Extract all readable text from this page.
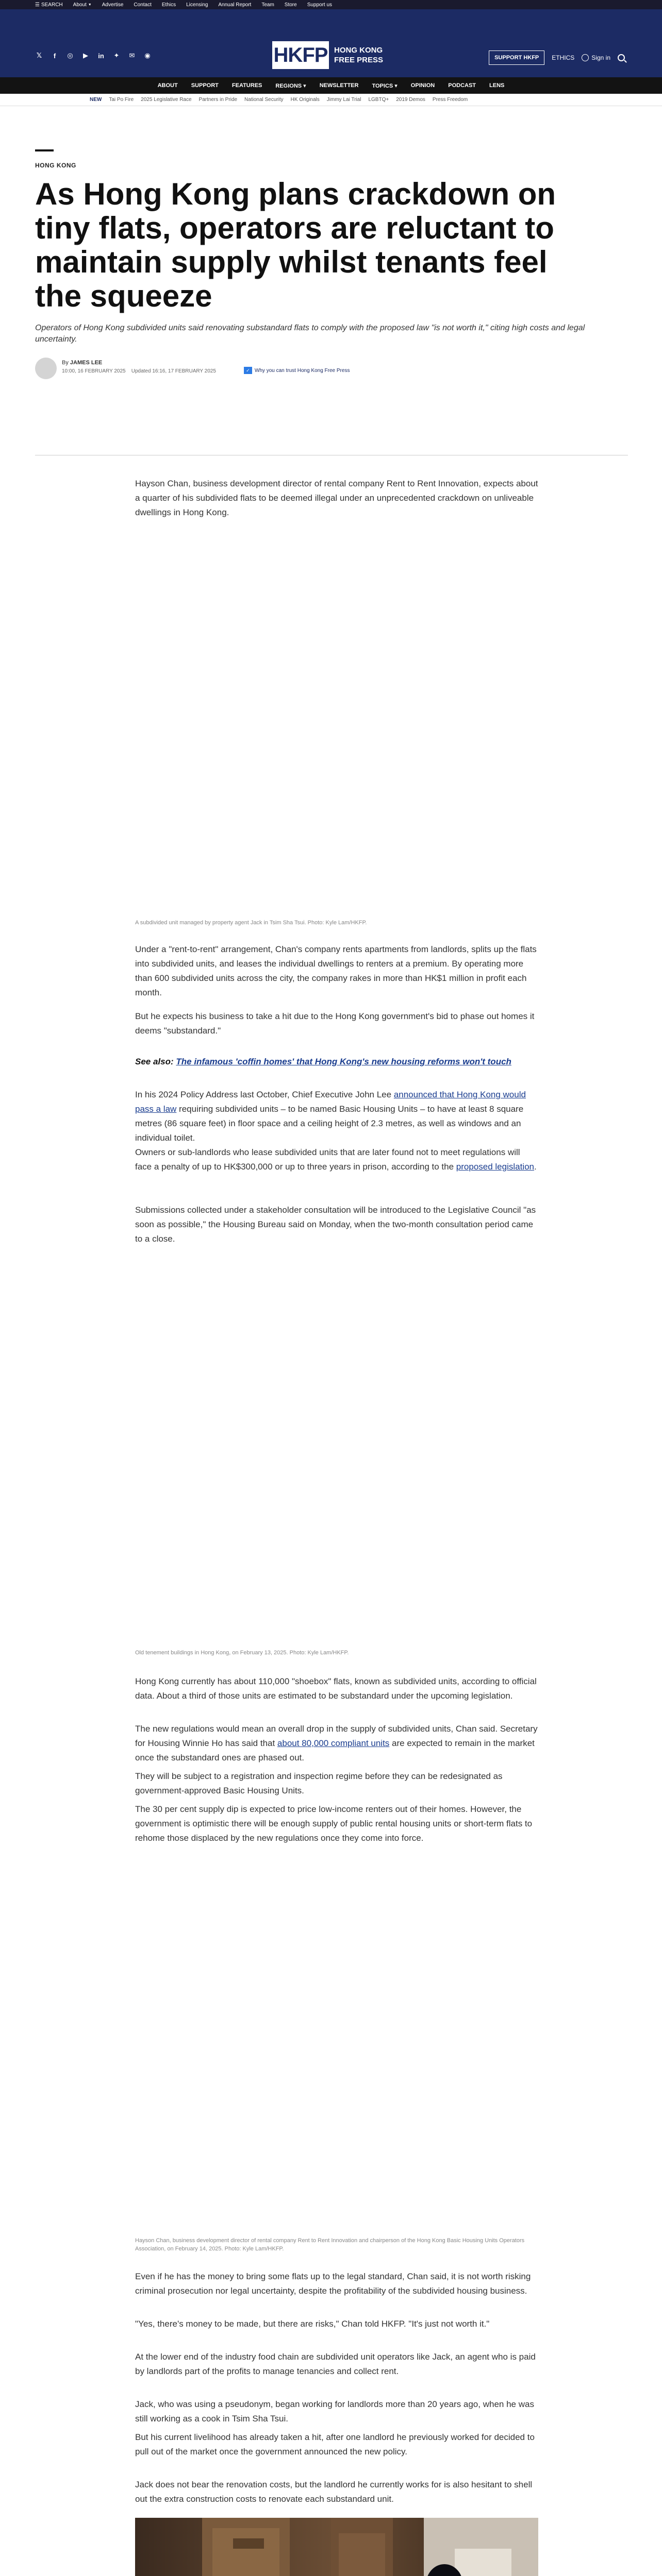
☰ SEARCH About ▼ Advertise Contact Ethics Licensing Annual Report Team Store Support us
𝕏	f	◎ ▶ in ✦ ✉ ◉	HKFP HONG KONG
FREE PRESS	SUPPORT HKFP	ETHICS	Sign in
ABOUT SUPPORT FEATURES REGIONS ▾ NEWSLETTER TOPICS ▾ OPINION PODCAST LENS
NEW Tai Po Fire 2025 Legislative Race Partners in Pride National Security HK Originals Jimmy Lai Trial LGBTQ+ 2019 Demos Press Freedom
HONG KONG
As Hong Kong plans crackdown on tiny flats, operators are reluctant to maintain supply whilst tenants feel the squeeze

Operators of Hong Kong subdivided units said renovating substandard flats to comply with the proposed law "is not worth it," citing high costs and legal uncertainty.

By JAMES LEE
10:00, 16 FEBRUARY 2025 Updated 16:16, 17 FEBRUARY 2025	✓ Why you can trust Hong Kong Free Press

Hayson Chan, business development director of rental company Rent to Rent Innovation, expects about a quarter of his subdivided flats to be deemed illegal under an unprecedented crackdown on unliveable dwellings in Hong Kong.

A subdivided unit managed by property agent Jack in Tsim Sha Tsui. Photo: Kyle Lam/HKFP.

Under a "rent-to-rent" arrangement, Chan's company rents apartments from landlords, splits up the flats into subdivided units, and leases the individual dwellings to renters at a premium. By operating more than 600 subdivided units across the city, the company rakes in more than HK$1 million in profit each month.

But he expects his business to take a hit due to the Hong Kong government's bid to phase out homes it deems "substandard."

See also: The infamous 'coffin homes' that Hong Kong's new housing reforms won't touch

In his 2024 Policy Address last October, Chief Executive John Lee announced that Hong Kong would pass a law requiring subdivided units – to be named Basic Housing Units – to have at least 8 square metres (86 square feet) in floor space and a ceiling height of 2.3 metres, as well as windows and an individual toilet.

Owners or sub-landlords who lease subdivided units that are later found not to meet regulations will face a penalty of up to HK$300,000 or up to three years in prison, according to the proposed legislation.

Submissions collected under a stakeholder consultation will be introduced to the Legislative Council "as soon as possible," the Housing Bureau said on Monday, when the two-month consultation period came to a close.

Old tenement buildings in Hong Kong, on February 13, 2025. Photo: Kyle Lam/HKFP.

Hong Kong currently has about 110,000 "shoebox" flats, known as subdivided units, according to official data. About a third of those units are estimated to be substandard under the upcoming legislation.

The new regulations would mean an overall drop in the supply of subdivided units, Chan said. Secretary for Housing Winnie Ho has said that about 80,000 compliant units are expected to remain in the market once the substandard ones are phased out.

They will be subject to a registration and inspection regime before they can be redesignated as government-approved Basic Housing Units.

The 30 per cent supply dip is expected to price low-income renters out of their homes. However, the government is optimistic there will be enough supply of public rental housing units or short-term flats to rehome those displaced by the new regulations once they come into force.

Hayson Chan, business development director of rental company Rent to Rent Innovation and chairperson of the Hong Kong Basic Housing Units Operators Association, on February 14, 2025. Photo: Kyle Lam/HKFP.

Even if he has the money to bring some flats up to the legal standard, Chan said, it is not worth risking criminal prosecution nor legal uncertainty, despite the profitability of the subdivided housing business.

"Yes, there's money to be made, but there are risks," Chan told HKFP. "It's just not worth it."

At the lower end of the industry food chain are subdivided unit operators like Jack, an agent who is paid by landlords part of the profits to manage tenancies and collect rent.

Jack, who was using a pseudonym, began working for landlords more than 20 years ago, when he was still working as a cook in Tsim Sha Tsui.

But his current livelihood has already taken a hit, after one landlord he previously worked for decided to pull out of the market once the government announced the new policy.

Jack does not bear the renovation costs, but the landlord he currently works for is also hesitant to shell out the extra construction costs to renovate each substandard unit.
